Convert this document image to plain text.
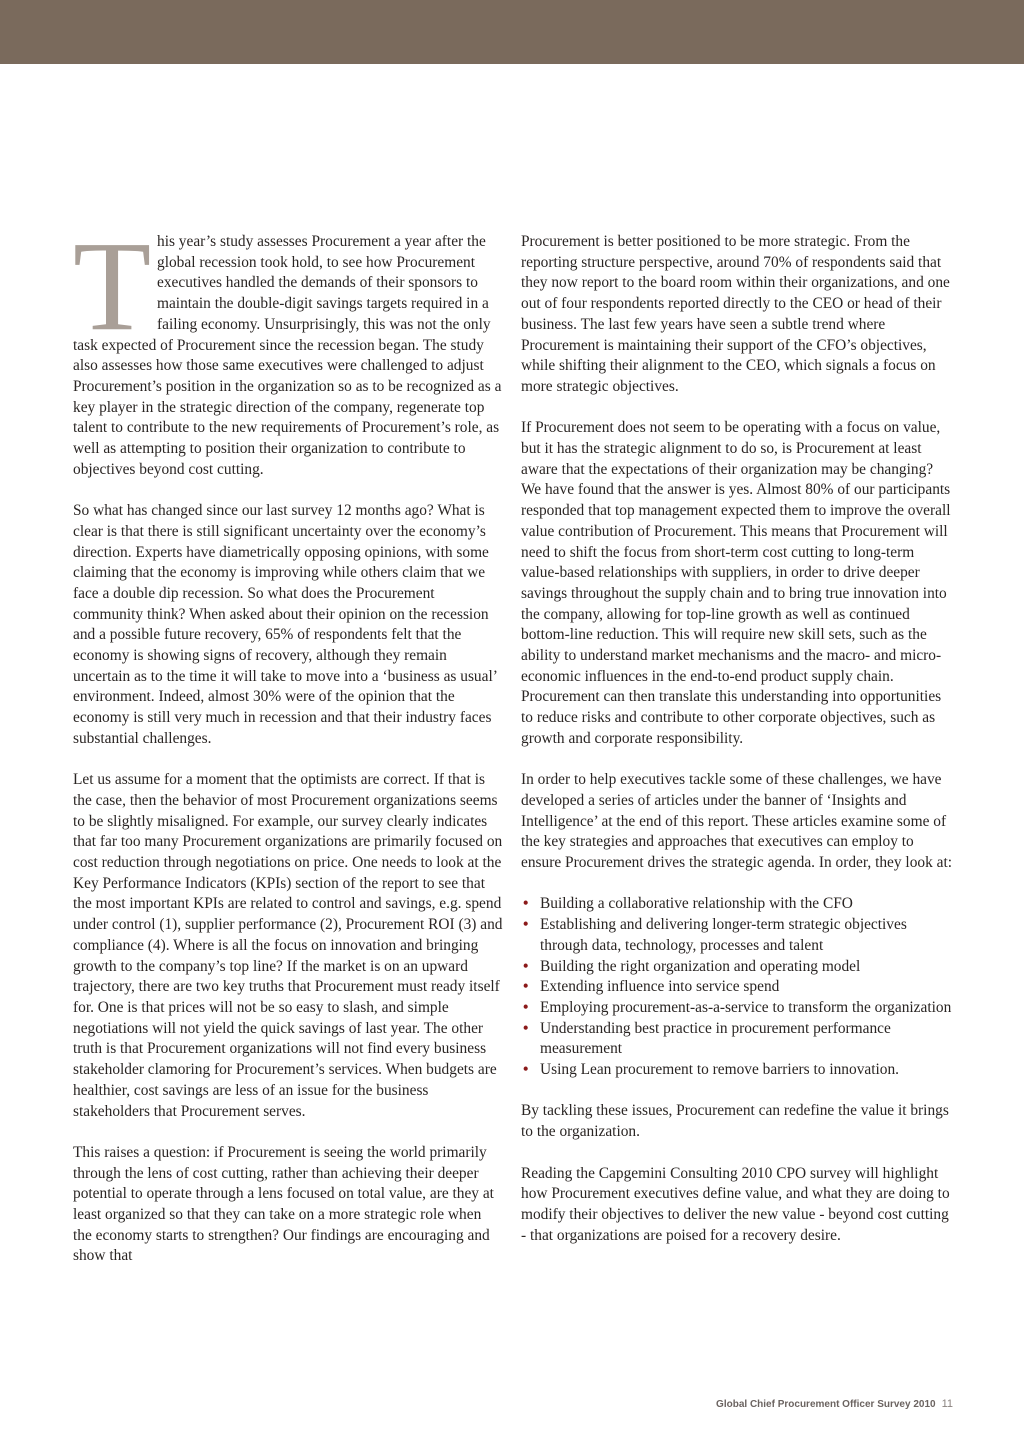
This year’s study assesses Procurement a year after the global recession took hold, to see how Procurement executives handled the demands of their sponsors to maintain the double-digit savings targets required in a failing economy. Unsurprisingly, this was not the only task expected of Procurement since the recession began. The study also assesses how those same executives were challenged to adjust Procurement’s position in the organization so as to be recognized as a key player in the strategic direction of the company, regenerate top talent to contribute to the new requirements of Procurement’s role, as well as attempting to position their organization to contribute to objectives beyond cost cutting.

So what has changed since our last survey 12 months ago? What is clear is that there is still significant uncertainty over the economy’s direction. Experts have diametrically opposing opinions, with some claiming that the economy is improving while others claim that we face a double dip recession. So what does the Procurement community think? When asked about their opinion on the recession and a possible future recovery, 65% of respondents felt that the economy is showing signs of recovery, although they remain uncertain as to the time it will take to move into a ‘business as usual’ environment. Indeed, almost 30% were of the opinion that the economy is still very much in recession and that their industry faces substantial challenges.

Let us assume for a moment that the optimists are correct. If that is the case, then the behavior of most Procurement organizations seems to be slightly misaligned. For example, our survey clearly indicates that far too many Procurement organizations are primarily focused on cost reduction through negotiations on price. One needs to look at the Key Performance Indicators (KPIs) section of the report to see that the most important KPIs are related to control and savings, e.g. spend under control (1), supplier performance (2), Procurement ROI (3) and compliance (4). Where is all the focus on innovation and bringing growth to the company’s top line? If the market is on an upward trajectory, there are two key truths that Procurement must ready itself for. One is that prices will not be so easy to slash, and simple negotiations will not yield the quick savings of last year. The other truth is that Procurement organizations will not find every business stakeholder clamoring for Procurement’s services. When budgets are healthier, cost savings are less of an issue for the business stakeholders that Procurement serves.

This raises a question: if Procurement is seeing the world primarily through the lens of cost cutting, rather than achieving their deeper potential to operate through a lens focused on total value, are they at least organized so that they can take on a more strategic role when the economy starts to strengthen? Our findings are encouraging and show that

Procurement is better positioned to be more strategic. From the reporting structure perspective, around 70% of respondents said that they now report to the board room within their organizations, and one out of four respondents reported directly to the CEO or head of their business. The last few years have seen a subtle trend where Procurement is maintaining their support of the CFO’s objectives, while shifting their alignment to the CEO, which signals a focus on more strategic objectives.

If Procurement does not seem to be operating with a focus on value, but it has the strategic alignment to do so, is Procurement at least aware that the expectations of their organization may be changing? We have found that the answer is yes. Almost 80% of our participants responded that top management expected them to improve the overall value contribution of Procurement. This means that Procurement will need to shift the focus from short-term cost cutting to long-term value-based relationships with suppliers, in order to drive deeper savings throughout the supply chain and to bring true innovation into the company, allowing for top-line growth as well as continued bottom-line reduction. This will require new skill sets, such as the ability to understand market mechanisms and the macro- and micro-economic influences in the end-to-end product supply chain. Procurement can then translate this understanding into opportunities to reduce risks and contribute to other corporate objectives, such as growth and corporate responsibility.

In order to help executives tackle some of these challenges, we have developed a series of articles under the banner of ‘Insights and Intelligence’ at the end of this report. These articles examine some of the key strategies and approaches that executives can employ to ensure Procurement drives the strategic agenda. In order, they look at:

• Building a collaborative relationship with the CFO
• Establishing and delivering longer-term strategic objectives through data, technology, processes and talent
• Building the right organization and operating model
• Extending influence into service spend
• Employing procurement-as-a-service to transform the organization
• Understanding best practice in procurement performance measurement
• Using Lean procurement to remove barriers to innovation.

By tackling these issues, Procurement can redefine the value it brings to the organization.

Reading the Capgemini Consulting 2010 CPO survey will highlight how Procurement executives define value, and what they are doing to modify their objectives to deliver the new value - beyond cost cutting - that organizations are poised for a recovery desire.

Global Chief Procurement Officer Survey 2010 11
